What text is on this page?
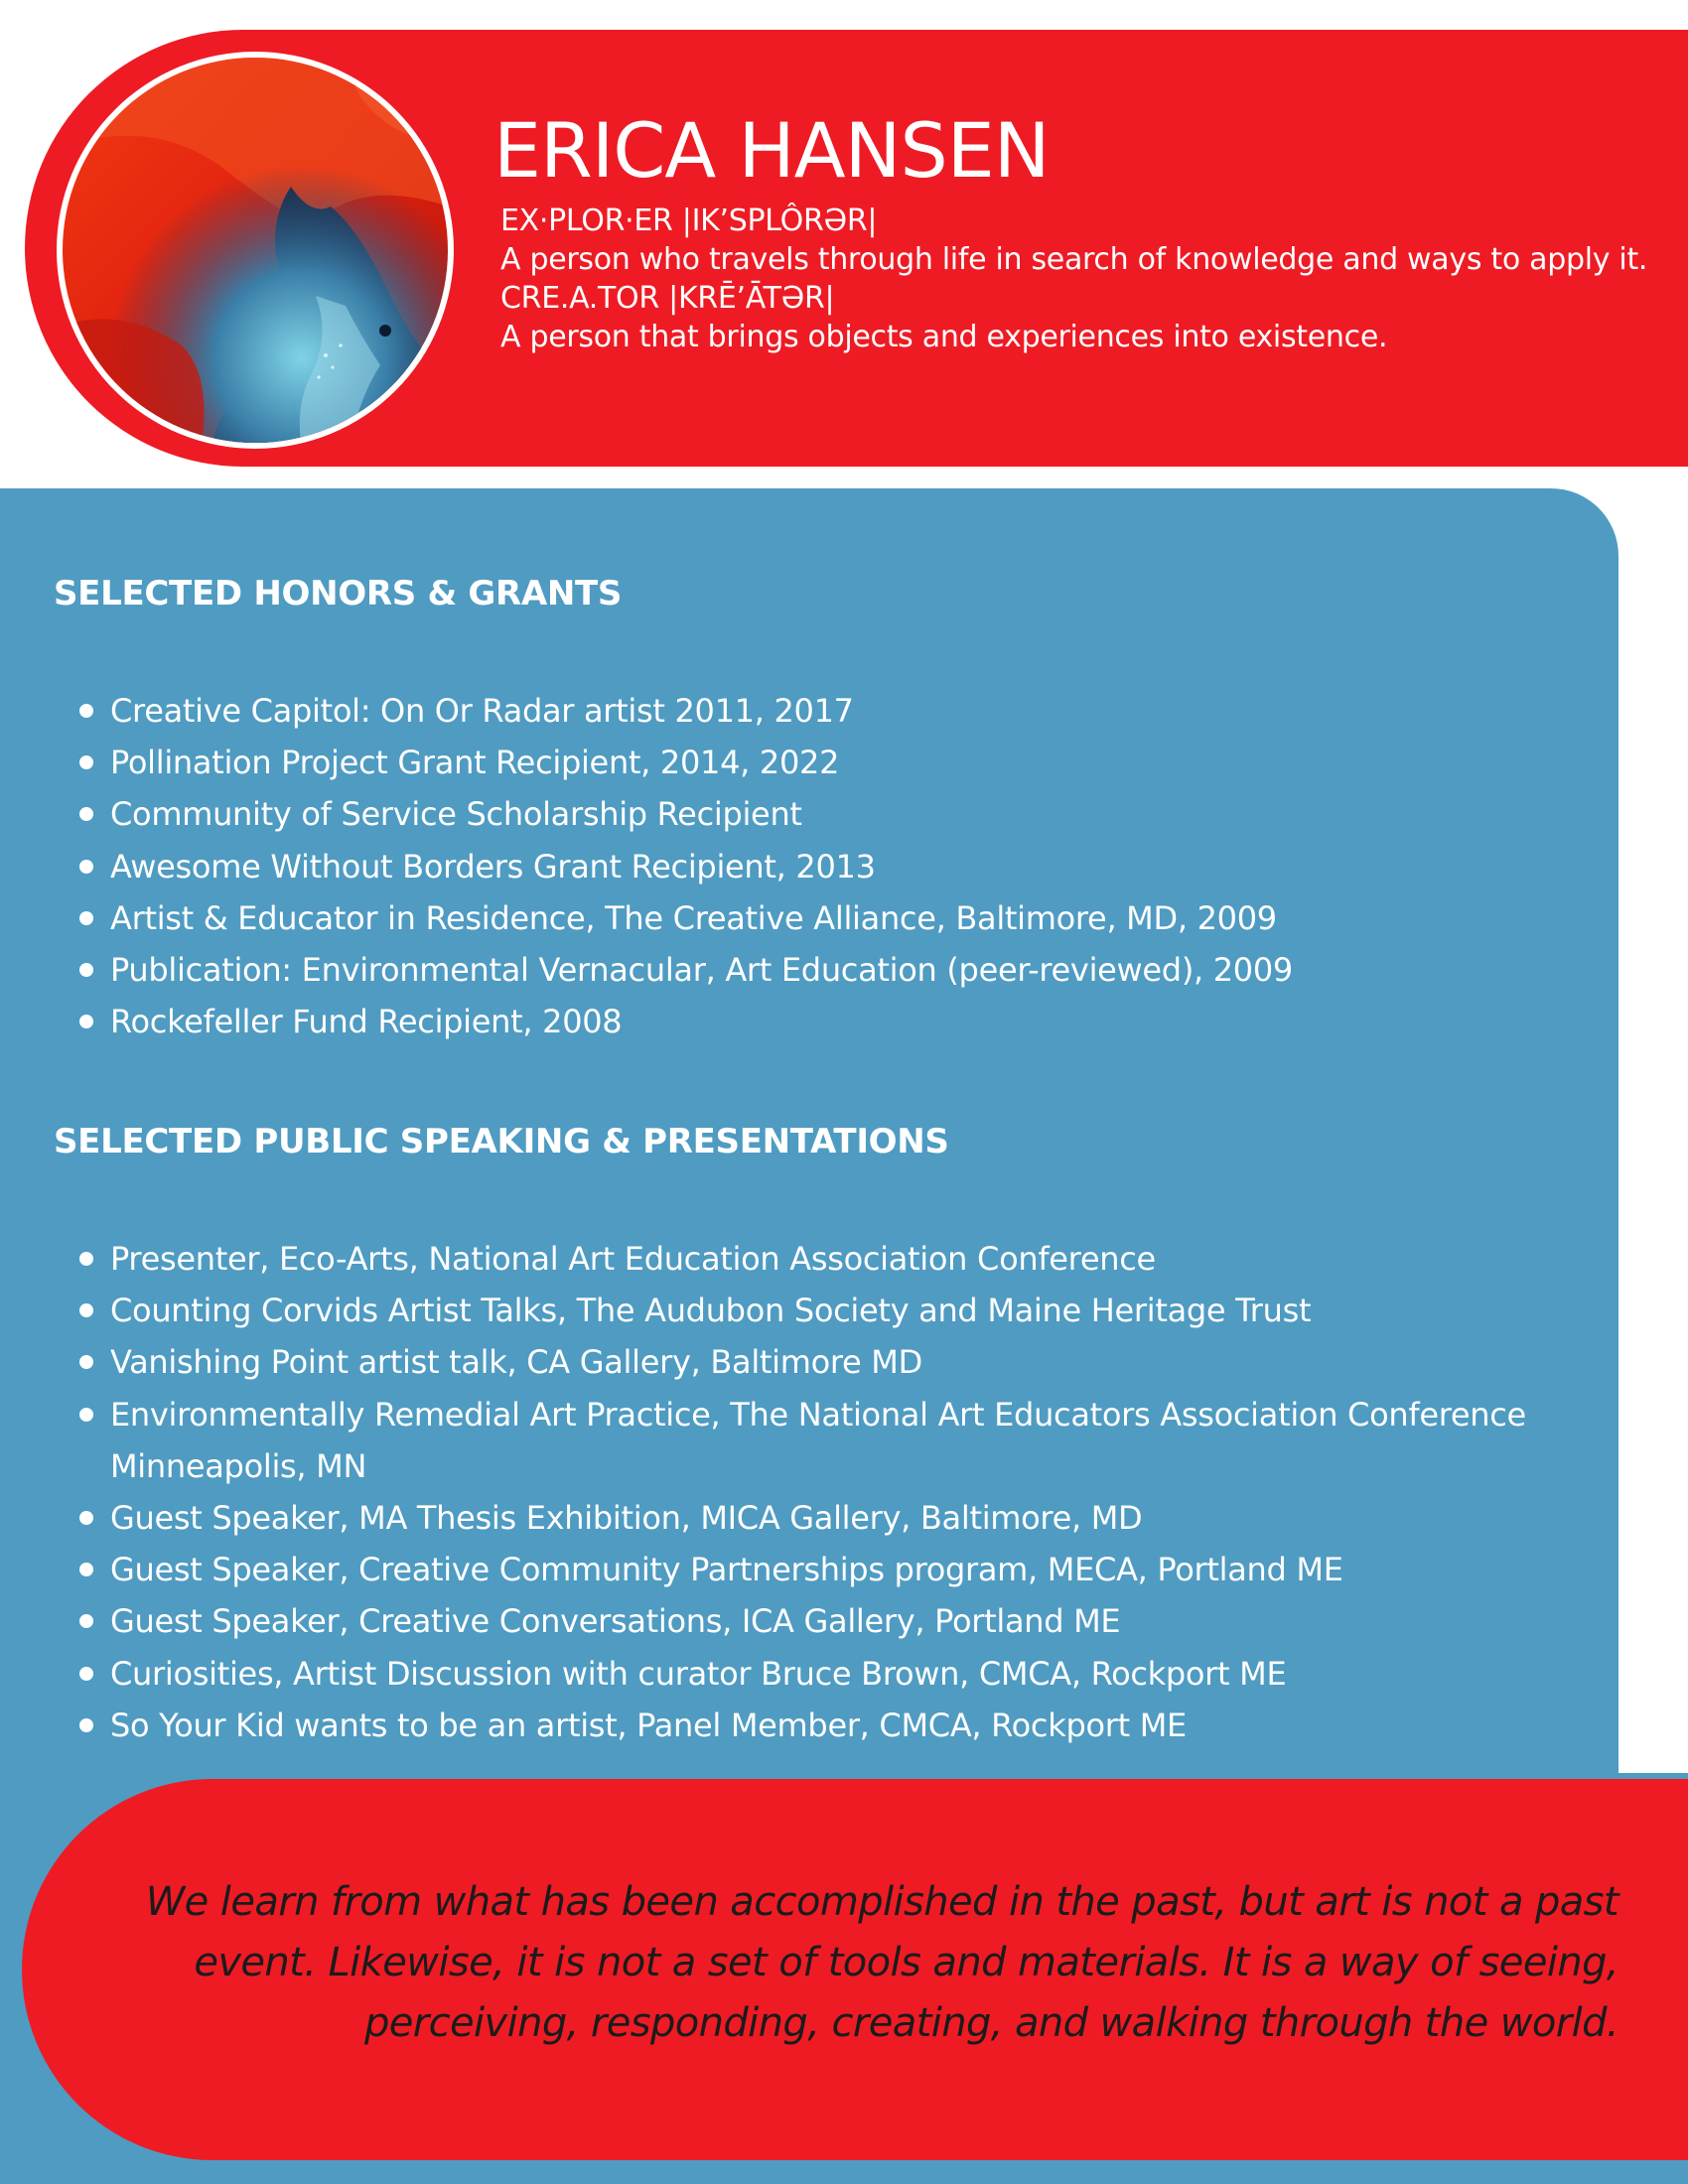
ERICA HANSEN
EX·PLOR·ER |IK’SPLÔRƏR|
A person who travels through life in search of knowledge and ways to apply it.
CRE.A.TOR |KRĒ’ĀTƏR|
A person that brings objects and experiences into existence.
SELECTED HONORS & GRANTS
Creative Capitol: On Or Radar artist 2011, 2017
Pollination Project Grant Recipient, 2014, 2022
Community of Service Scholarship Recipient
Awesome Without Borders Grant Recipient, 2013
Artist & Educator in Residence, The Creative Alliance, Baltimore, MD, 2009
Publication: Environmental Vernacular, Art Education (peer-reviewed), 2009
Rockefeller Fund Recipient, 2008
SELECTED PUBLIC SPEAKING & PRESENTATIONS
Presenter, Eco-Arts, National Art Education Association Conference
Counting Corvids Artist Talks, The Audubon Society and Maine Heritage Trust
Vanishing Point artist talk, CA Gallery, Baltimore MD
Environmentally Remedial Art Practice, The National Art Educators Association Conference Minneapolis, MN
Guest Speaker, MA Thesis Exhibition, MICA Gallery, Baltimore, MD
Guest Speaker, Creative Community Partnerships program, MECA, Portland ME
Guest Speaker, Creative Conversations, ICA Gallery, Portland ME
Curiosities, Artist Discussion with curator Bruce Brown, CMCA, Rockport ME
So Your Kid wants to be an artist, Panel Member, CMCA, Rockport ME
We learn from what has been accomplished in the past, but art is not a past
event. Likewise, it is not a set of tools and materials. It is a way of seeing,
perceiving, responding, creating, and walking through the world.
